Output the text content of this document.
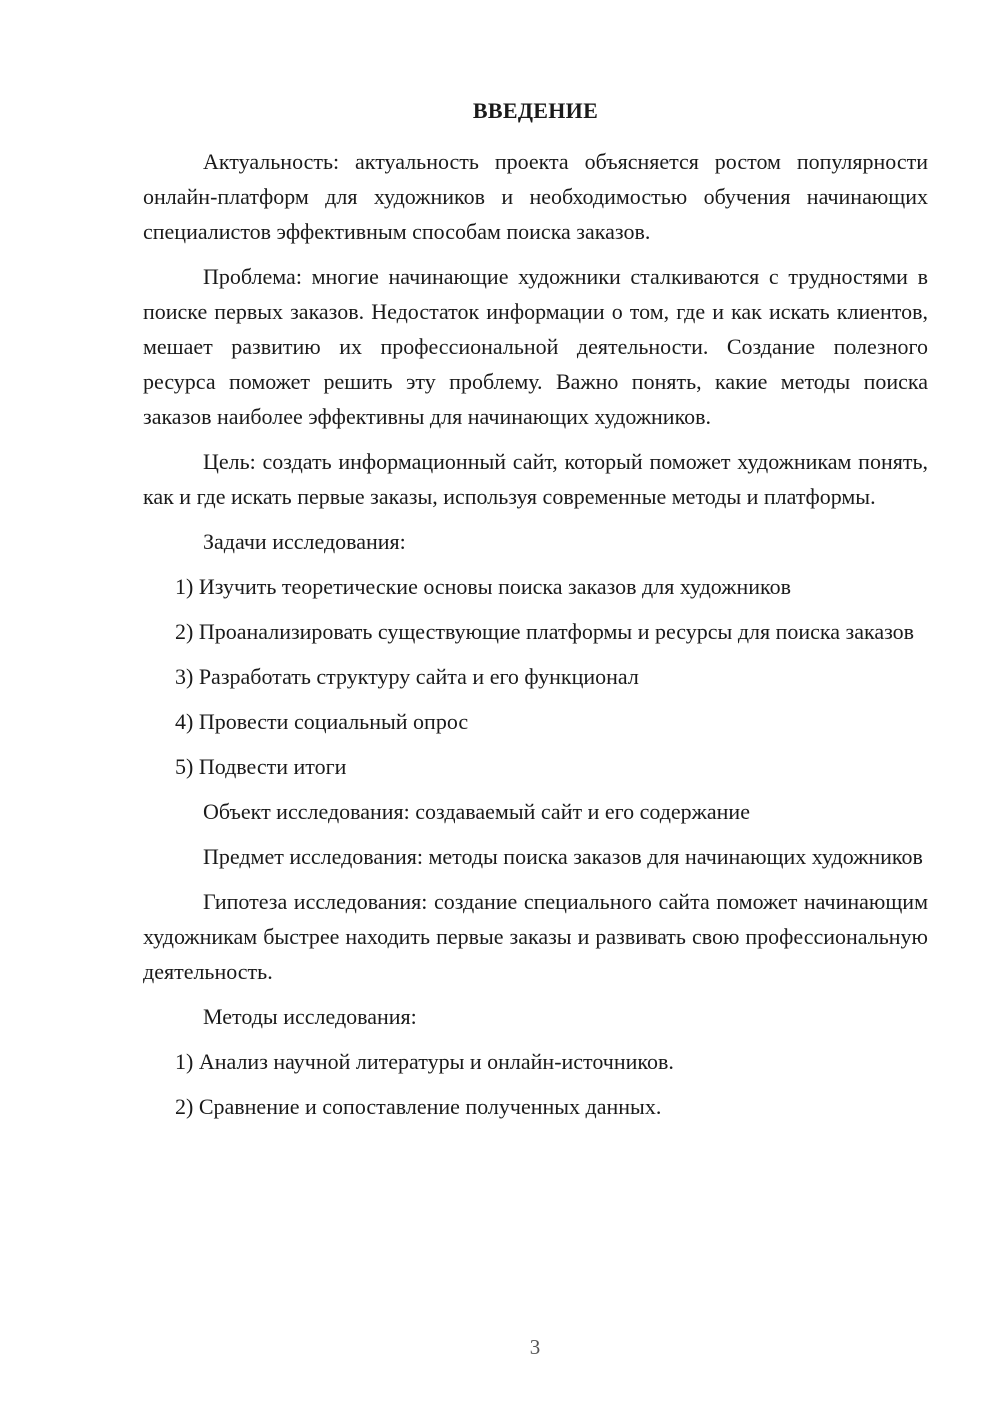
ВВЕДЕНИЕ

Актуальность: актуальность проекта объясняется ростом популярности онлайн-платформ для художников и необходимостью обучения начинающих специалистов эффективным способам поиска заказов.

Проблема: многие начинающие художники сталкиваются с трудностями в поиске первых заказов. Недостаток информации о том, где и как искать клиентов, мешает развитию их профессиональной деятельности. Создание полезного ресурса поможет решить эту проблему. Важно понять, какие методы поиска заказов наиболее эффективны для начинающих художников.

Цель: создать информационный сайт, который поможет художникам понять, как и где искать первые заказы, используя современные методы и платформы.

Задачи исследования:

1) Изучить теоретические основы поиска заказов для художников

2) Проанализировать существующие платформы и ресурсы для поиска заказов

3) Разработать структуру сайта и его функционал

4) Провести социальный опрос

5) Подвести итоги

Объект исследования: создаваемый сайт и его содержание

Предмет исследования: методы поиска заказов для начинающих художников

Гипотеза исследования: создание специального сайта поможет начинающим художникам быстрее находить первые заказы и развивать свою профессиональную деятельность.

Методы исследования:

1) Анализ научной литературы и онлайн-источников.

2) Сравнение и сопоставление полученных данных.

3
